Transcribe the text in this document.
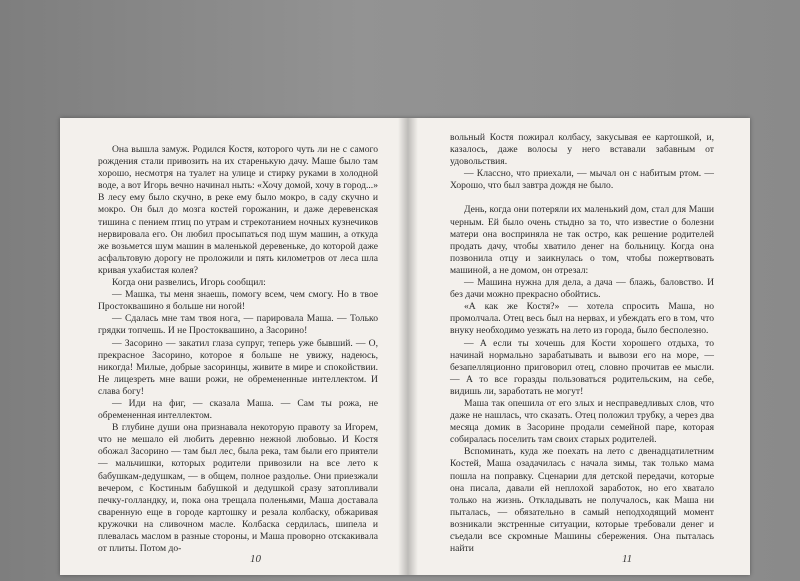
Она вышла замуж. Родился Костя, которого чуть ли не с самого рождения стали привозить на их старенькую дачу. Маше было там хорошо, несмотря на туалет на улице и стирку руками в холодной воде, а вот Игорь вечно начинал ныть: «Хочу домой, хочу в город...» В лесу ему было скучно, в реке ему было мокро, в саду скучно и мокро. Он был до мозга костей горожанин, и даже деревенская тишина с пением птиц по утрам и стрекотанием ночных кузнечиков нервировала его. Он любил просыпаться под шум машин, а откуда же возьмется шум машин в маленькой деревеньке, до которой даже асфальтовую дорогу не проложили и пять километров от леса шла кривая ухабистая колея?

Когда они развелись, Игорь сообщил:

— Машка, ты меня знаешь, помогу всем, чем смогу. Но в твое Простоквашино я больше ни ногой!

— Сдалась мне там твоя нога, — парировала Маша. — Только грядки топчешь. И не Простоквашино, а Засорино!

— Засорино — закатил глаза супруг, теперь уже бывший. — О, прекрасное Засорино, которое я больше не увижу, надеюсь, никогда! Милые, добрые засоринцы, живите в мире и спокойствии. Не лицезреть мне ваши рожи, не обремененные интеллектом. И слава богу!

— Иди на фиг, — сказала Маша. — Сам ты рожа, не обремененная интеллектом.

В глубине души она признавала некоторую правоту за Игорем, что не мешало ей любить деревню нежной любовью. И Костя обожал Засорино — там был лес, была река, там были его приятели — мальчишки, которых родители привозили на все лето к бабушкам-дедушкам, — в общем, полное раздолье. Они приезжали вечером, с Костиным бабушкой и дедушкой сразу затопливали печку-голландку, и, пока она трещала поленьями, Маша доставала сваренную еще в городе картошку и резала колбаску, обжаривая кружочки на сливочном масле. Колбаска сердилась, шипела и плевалась маслом в разные стороны, и Маша проворно отскакивала от плиты. Потом до-

10

вольный Костя пожирал колбасу, закусывая ее картошкой, и, казалось, даже волосы у него вставали забавным от удовольствия.

— Классно, что приехали, — мычал он с набитым ртом. — Хорошо, что был завтра дождя не было.

День, когда они потеряли их маленький дом, стал для Маши черным. Ей было очень стыдно за то, что известие о болезни матери она восприняла не так остро, как решение родителей продать дачу, чтобы хватило денег на больницу. Когда она позвонила отцу и заикнулась о том, чтобы пожертвовать машиной, а не домом, он отрезал:

— Машина нужна для дела, а дача — блажь, баловство. И без дачи можно прекрасно обойтись.

«А как же Костя?» — хотела спросить Маша, но промолчала. Отец весь был на нервах, и убеждать его в том, что внуку необходимо уезжать на лето из города, было бесполезно.

— А если ты хочешь для Кости хорошего отдыха, то начинай нормально зарабатывать и вывози его на море, — безапелляционно приговорил отец, словно прочитав ее мысли. — А то все горазды пользоваться родительским, на себе, видишь ли, заработать не могут!

Маша так опешила от его злых и несправедливых слов, что даже не нашлась, что сказать. Отец положил трубку, а через два месяца домик в Засорине продали семейной паре, которая собиралась поселить там своих старых родителей.

Вспоминать, куда же поехать на лето с двенадцатилетним Костей, Маша озадачилась с начала зимы, так только мама пошла на поправку. Сценарии для детской передачи, которые она писала, давали ей неплохой заработок, но его хватало только на жизнь. Откладывать не получалось, как Маша ни пыталась, — обязательно в самый неподходящий момент возникали экстренные ситуации, которые требовали денег и съедали все скромные Машины сбережения. Она пыталась найти

11
